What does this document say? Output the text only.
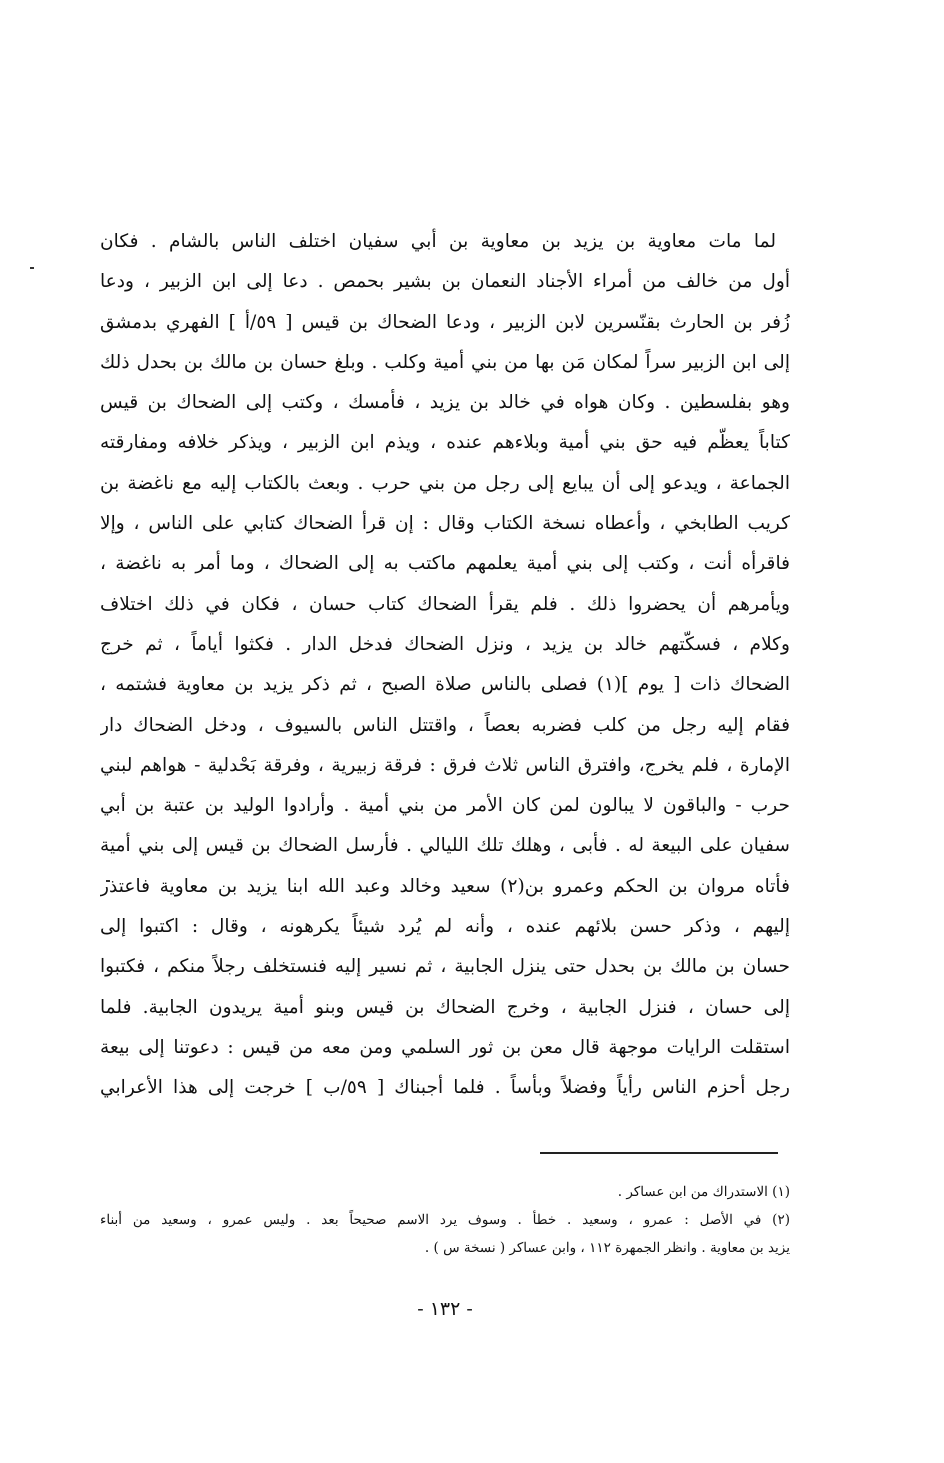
لما مات معاوية بن يزيد بن معاوية بن أبي سفيان اختلف الناس بالشام . فكان
أول من خالف من أمراء الأجناد النعمان بن بشير بحمص . دعا إلى ابن الزبير ، ودعا
زُفر بن الحارث بقنّسرين لابن الزبير ، ودعا الضحاك بن قيس [ ٥٩/أ ] الفهري بدمشق
إلى ابن الزبير سراً لمكان مَن بها من بني أمية وكلب . وبلغ حسان بن مالك بن بحدل ذلك
وهو بفلسطين . وكان هواه في خالد بن يزيد ، فأمسك ، وكتب إلى الضحاك بن قيس
كتاباً يعظّم فيه حق بني أمية وبلاءهم عنده ، ويذم ابن الزبير ، ويذكر خلافه ومفارقته
الجماعة ، ويدعو إلى أن يبايع إلى رجل من بني حرب . وبعث بالكتاب إليه مع ناغضة بن
كريب الطابخي ، وأعطاه نسخة الكتاب وقال : إن قرأ الضحاك كتابي على الناس ، وإلا
فاقرأه أنت ، وكتب إلى بني أمية يعلمهم ماكتب به إلى الضحاك ، وما أمر به ناغضة ،
ويأمرهم أن يحضروا ذلك . فلم يقرأ الضحاك كتاب حسان ، فكان في ذلك اختلاف
وكلام ، فسكّتهم خالد بن يزيد ، ونزل الضحاك فدخل الدار . فكثوا أياماً ، ثم خرج
الضحاك ذات [ يوم ](١) فصلى بالناس صلاة الصبح ، ثم ذكر يزيد بن معاوية فشتمه ،
فقام إليه رجل من كلب فضربه بعصاً ، واقتتل الناس بالسيوف ، ودخل الضحاك دار
الإمارة ، فلم يخرج، وافترق الناس ثلاث فرق : فرقة زبيرية ، وفرقة بَحْدلية - هواهم لبني
حرب - والباقون لا يبالون لمن كان الأمر من بني أمية . وأرادوا الوليد بن عتبة بن أبي
سفيان على البيعة له . فأبى ، وهلك تلك الليالي . فأرسل الضحاك بن قيس إلى بني أمية
فأتاه مروان بن الحكم وعمرو بن(٢) سعيد وخالد وعبد الله ابنا يزيد بن معاوية فاعتذر
إليهم ، وذكر حسن بلائهم عنده ، وأنه لم يُرد شيئاً يكرهونه ، وقال : اكتبوا إلى
حسان بن مالك بن بحدل حتى ينزل الجابية ، ثم نسير إليه فنستخلف رجلاً منكم ، فكتبوا
إلى حسان ، فنزل الجابية ، وخرج الضحاك بن قيس وبنو أمية يريدون الجابية. فلما
استقلت الرايات موجهة قال معن بن ثور السلمي ومن معه من قيس : دعوتنا إلى بيعة
رجل أحزم الناس رأياً وفضلاً وبأساً . فلما أجبناك [ ٥٩/ب ] خرجت إلى هذا الأعرابي
(١) الاستدراك من ابن عساكر .
(٢) في الأصل : عمرو ، وسعيد . خطأ . وسوف يرد الاسم صحيحاً بعد . وليس عمرو ، وسعيد من أبناء
يزيد بن معاوية . وانظر الجمهرة ١١٢ ، وابن عساكر ( نسخة س ) .
- ١٣٢ -
